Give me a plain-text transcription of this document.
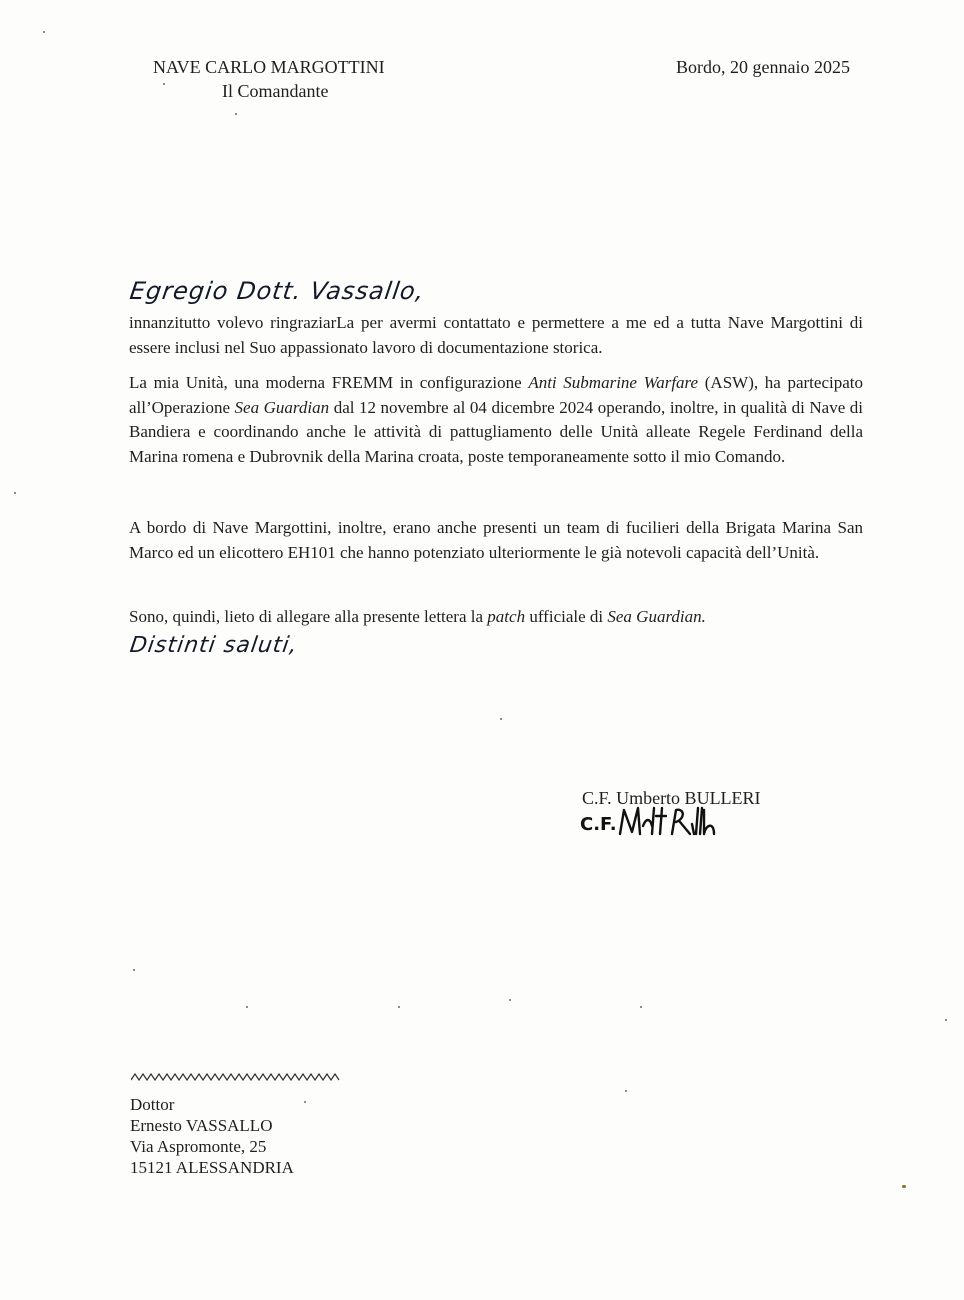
NAVE CARLO MARGOTTINI
Il Comandante
Bordo, 20 gennaio 2025
Egregio Dott. Vassallo,

innanzitutto volevo ringraziarLa per avermi contattato e permettere a me ed a tutta Nave Margottini di essere inclusi nel Suo appassionato lavoro di documentazione storica.

La mia Unità, una moderna FREMM in configurazione Anti Submarine Warfare (ASW), ha partecipato all’Operazione Sea Guardian dal 12 novembre al 04 dicembre 2024 operando, inoltre, in qualità di Nave di Bandiera e coordinando anche le attività di pattugliamento delle Unità alleate Regele Ferdinand della Marina romena e Dubrovnik della Marina croata, poste temporaneamente sotto il mio Comando.

A bordo di Nave Margottini, inoltre, erano anche presenti un team di fucilieri della Brigata Marina San Marco ed un elicottero EH101 che hanno potenziato ulteriormente le già notevoli capacità dell’Unità.

Sono, quindi, lieto di allegare alla presente lettera la patch ufficiale di Sea Guardian.

Distinti saluti,
C.F. Umberto BULLERI
C.F.
Dottor
Ernesto VASSALLO
Via Aspromonte, 25
15121 ALESSANDRIA
